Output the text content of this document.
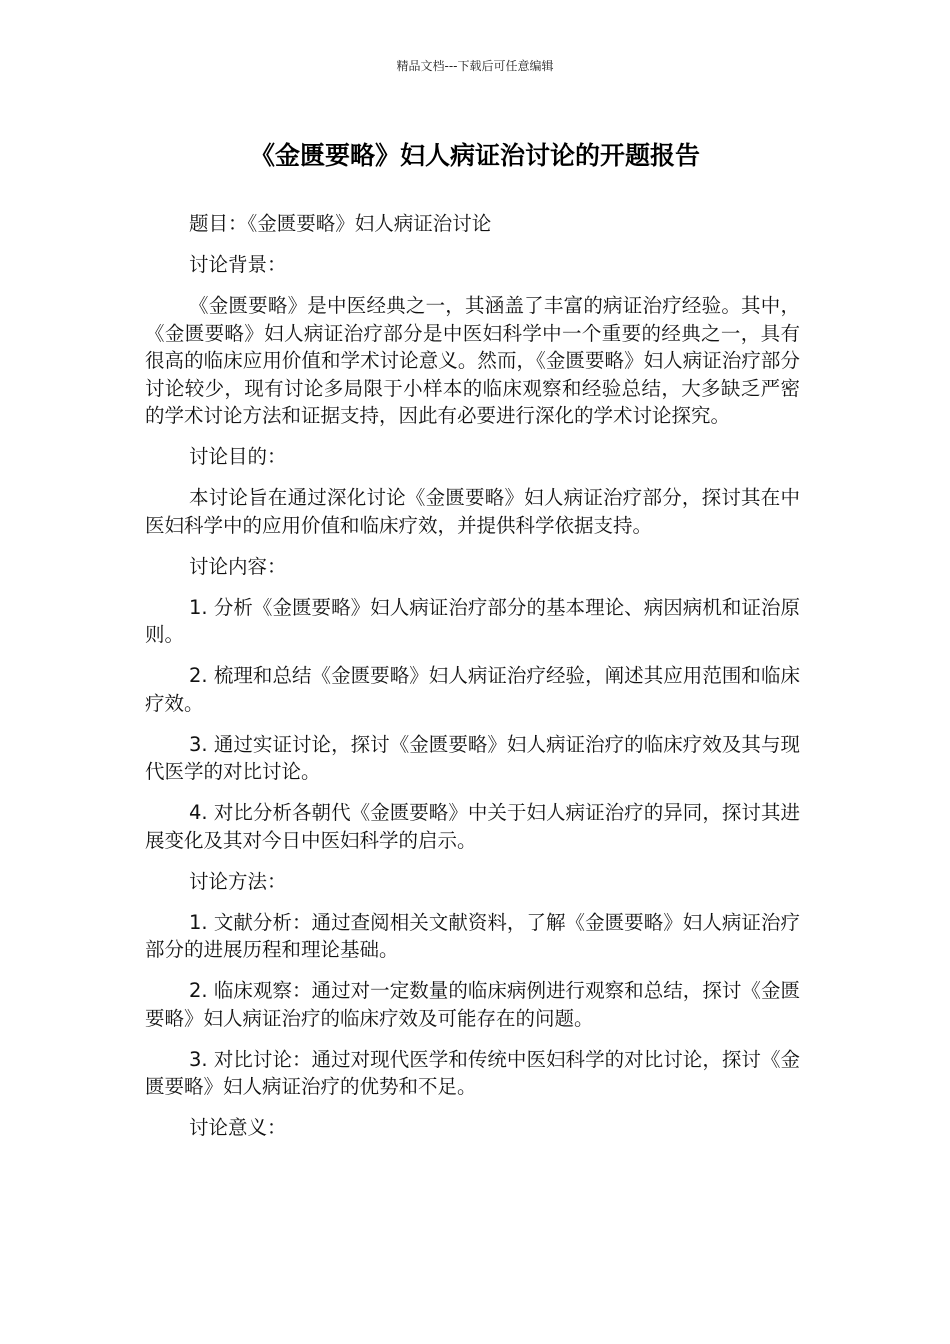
精品文档---下载后可任意编辑
《金匮要略》妇人病证治讨论的开题报告

题目：《金匮要略》妇人病证治讨论

讨论背景：

《金匮要略》是中医经典之一，其涵盖了丰富的病证治疗经验。其中，《金匮要略》妇人病证治疗部分是中医妇科学中一个重要的经典之一，具有很高的临床应用价值和学术讨论意义。然而，《金匮要略》妇人病证治疗部分讨论较少，现有讨论多局限于小样本的临床观察和经验总结，大多缺乏严密的学术讨论方法和证据支持，因此有必要进行深化的学术讨论探究。

讨论目的：

本讨论旨在通过深化讨论《金匮要略》妇人病证治疗部分，探讨其在中医妇科学中的应用价值和临床疗效，并提供科学依据支持。

讨论内容：

1. 分析《金匮要略》妇人病证治疗部分的基本理论、病因病机和证治原则。

2. 梳理和总结《金匮要略》妇人病证治疗经验，阐述其应用范围和临床疗效。

3. 通过实证讨论，探讨《金匮要略》妇人病证治疗的临床疗效及其与现代医学的对比讨论。

4. 对比分析各朝代《金匮要略》中关于妇人病证治疗的异同，探讨其进展变化及其对今日中医妇科学的启示。

讨论方法：

1. 文献分析：通过查阅相关文献资料，了解《金匮要略》妇人病证治疗部分的进展历程和理论基础。

2. 临床观察：通过对一定数量的临床病例进行观察和总结，探讨《金匮要略》妇人病证治疗的临床疗效及可能存在的问题。

3. 对比讨论：通过对现代医学和传统中医妇科学的对比讨论，探讨《金匮要略》妇人病证治疗的优势和不足。

讨论意义：
